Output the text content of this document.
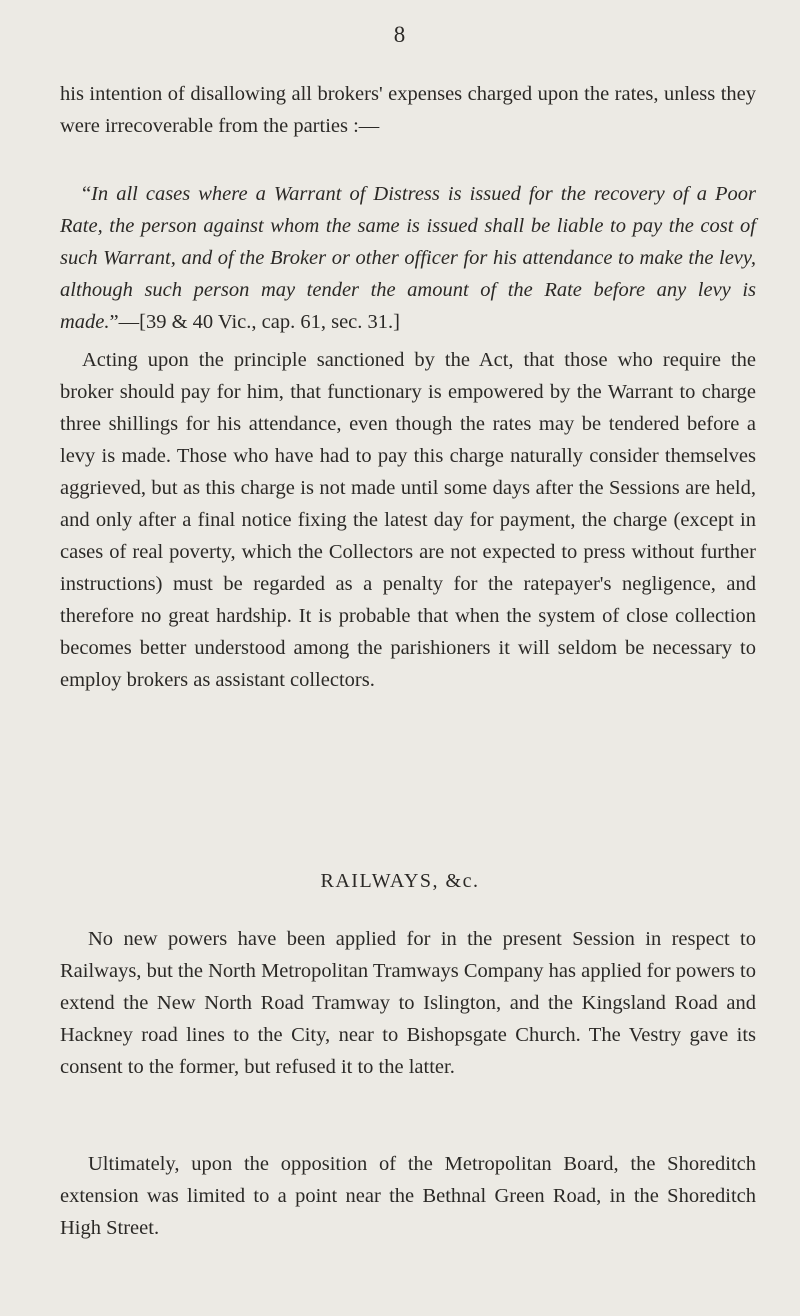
8
his intention of disallowing all brokers' expenses charged upon the rates, unless they were irrecoverable from the parties :—
“In all cases where a Warrant of Distress is issued for the recovery of a Poor Rate, the person against whom the same is issued shall be liable to pay the cost of such Warrant, and of the Broker or other officer for his attendance to make the levy, although such person may tender the amount of the Rate before any levy is made.”—[39 & 40 Vic., cap. 61, sec. 31.]
Acting upon the principle sanctioned by the Act, that those who require the broker should pay for him, that functionary is empowered by the Warrant to charge three shillings for his attendance, even though the rates may be tendered before a levy is made. Those who have had to pay this charge naturally consider themselves aggrieved, but as this charge is not made until some days after the Sessions are held, and only after a final notice fixing the latest day for payment, the charge (except in cases of real poverty, which the Collectors are not expected to press without further instructions) must be regarded as a penalty for the ratepayer's negligence, and therefore no great hardship. It is probable that when the system of close collection becomes better understood among the parishioners it will seldom be necessary to employ brokers as assistant collectors.
RAILWAYS, &c.
No new powers have been applied for in the present Session in respect to Railways, but the North Metropolitan Tramways Company has applied for powers to extend the New North Road Tramway to Islington, and the Kingsland Road and Hackney road lines to the City, near to Bishopsgate Church. The Vestry gave its consent to the former, but refused it to the latter.
Ultimately, upon the opposition of the Metropolitan Board, the Shoreditch extension was limited to a point near the Bethnal Green Road, in the Shoreditch High Street.
